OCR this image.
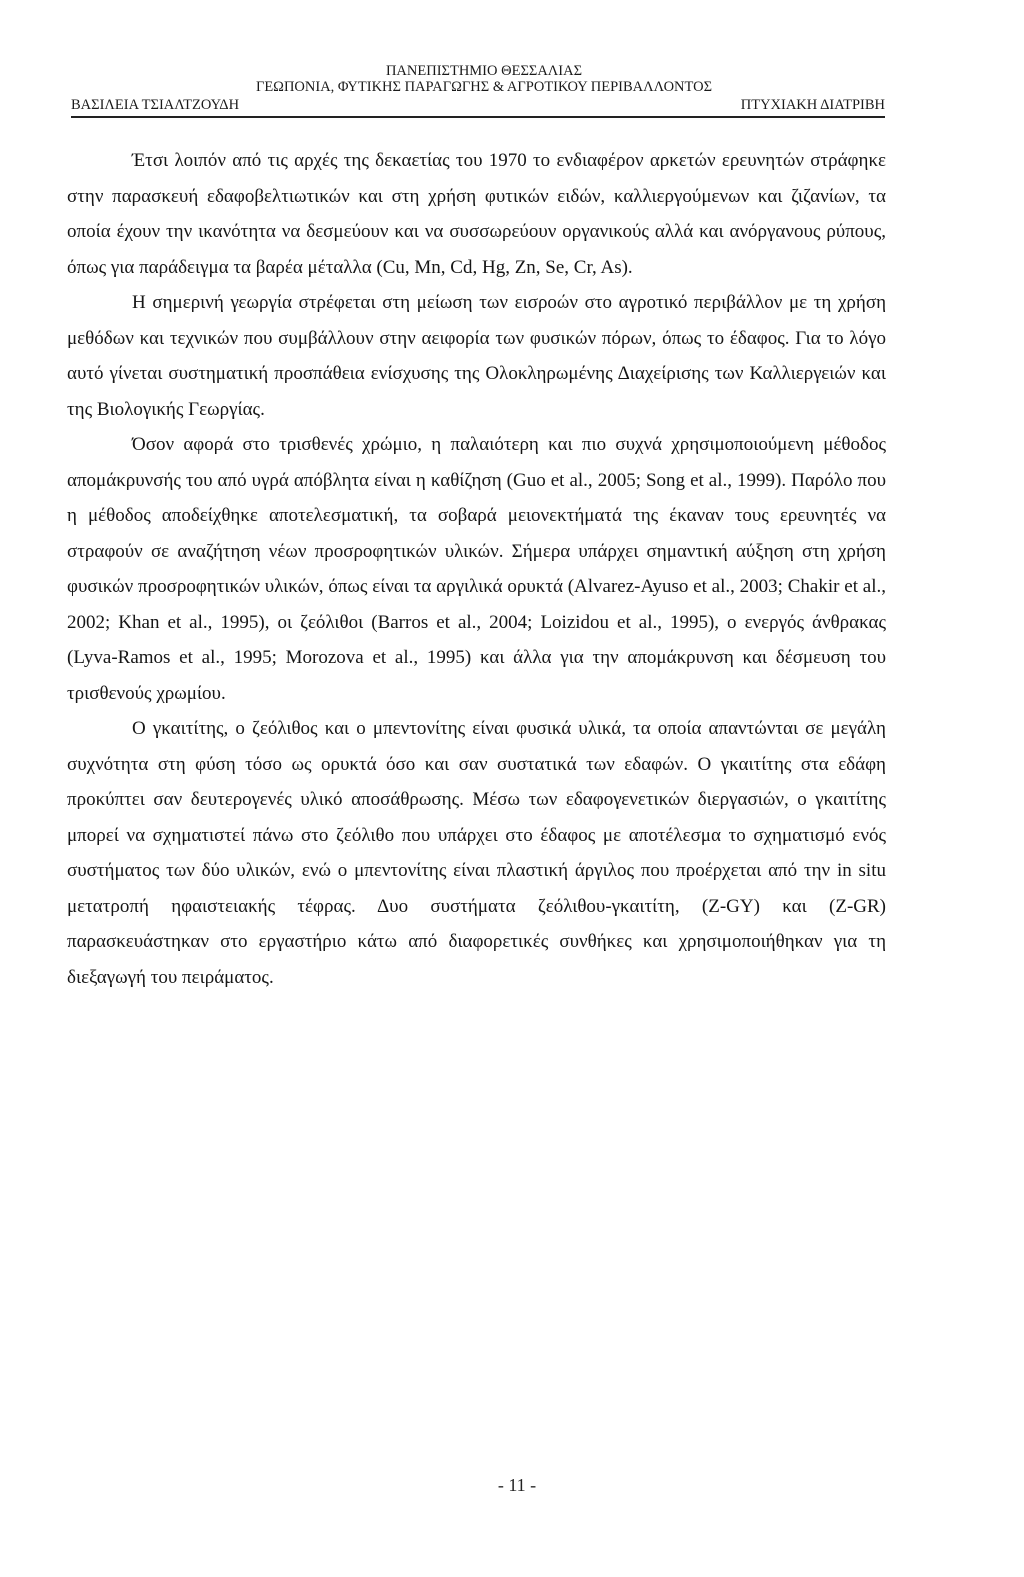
ΠΑΝΕΠΙΣΤΗΜΙΟ ΘΕΣΣΑΛΙΑΣ
ΓΕΩΠΟΝΙΑ, ΦΥΤΙΚΗΣ ΠΑΡΑΓΩΓΗΣ & ΑΓΡΟΤΙΚΟΥ ΠΕΡΙΒΑΛΛΟΝΤΟΣ
ΒΑΣΙΛΕΙΑ ΤΣΙΑΛΤΖΟΥΔΗ	ΠΤΥΧΙΑΚΗ ΔΙΑΤΡΙΒΗ

Έτσι λοιπόν από τις αρχές της δεκαετίας του 1970 το ενδιαφέρον αρκετών ερευνητών στράφηκε στην παρασκευή εδαφοβελτιωτικών και στη χρήση φυτικών ειδών, καλλιεργούμενων και ζιζανίων, τα οποία έχουν την ικανότητα να δεσμεύουν και να συσσωρεύουν οργανικούς αλλά και ανόργανους ρύπους, όπως για παράδειγμα τα βαρέα μέταλλα (Cu, Mn, Cd, Hg, Zn, Se, Cr, As).

Η σημερινή γεωργία στρέφεται στη μείωση των εισροών στο αγροτικό περιβάλλον με τη χρήση μεθόδων και τεχνικών που συμβάλλουν στην αειφορία των φυσικών πόρων, όπως το έδαφος. Για το λόγο αυτό γίνεται συστηματική προσπάθεια ενίσχυσης της Ολοκληρωμένης Διαχείρισης των Καλλιεργειών και της Βιολογικής Γεωργίας.

Όσον αφορά στο τρισθενές χρώμιο, η παλαιότερη και πιο συχνά χρησιμοποιούμενη μέθοδος απομάκρυνσής του από υγρά απόβλητα είναι η καθίζηση (Guo et al., 2005; Song et al., 1999). Παρόλο που η μέθοδος αποδείχθηκε αποτελεσματική, τα σοβαρά μειονεκτήματά της έκαναν τους ερευνητές να στραφούν σε αναζήτηση νέων προσροφητικών υλικών. Σήμερα υπάρχει σημαντική αύξηση στη χρήση φυσικών προσροφητικών υλικών, όπως είναι τα αργιλικά ορυκτά (Alvarez-Ayuso et al., 2003; Chakir et al., 2002; Khan et al., 1995), οι ζεόλιθοι (Barros et al., 2004; Loizidou et al., 1995), ο ενεργός άνθρακας (Lyva-Ramos et al., 1995; Morozova et al., 1995) και άλλα για την απομάκρυνση και δέσμευση του τρισθενούς χρωμίου.

Ο γκαιτίτης, ο ζεόλιθος και ο μπεντονίτης είναι φυσικά υλικά, τα οποία απαντώνται σε μεγάλη συχνότητα στη φύση τόσο ως ορυκτά όσο και σαν συστατικά των εδαφών. Ο γκαιτίτης στα εδάφη προκύπτει σαν δευτερογενές υλικό αποσάθρωσης. Μέσω των εδαφογενετικών διεργασιών, ο γκαιτίτης μπορεί να σχηματιστεί πάνω στο ζεόλιθο που υπάρχει στο έδαφος με αποτέλεσμα το σχηματισμό ενός συστήματος των δύο υλικών, ενώ ο μπεντονίτης είναι πλαστική άργιλος που προέρχεται από την in situ μετατροπή ηφαιστειακής τέφρας. Δυο συστήματα ζεόλιθου-γκαιτίτη, (Z-GY) και (Z-GR) παρασκευάστηκαν στο εργαστήριο κάτω από διαφορετικές συνθήκες και χρησιμοποιήθηκαν για τη διεξαγωγή του πειράματος.

- 11 -
